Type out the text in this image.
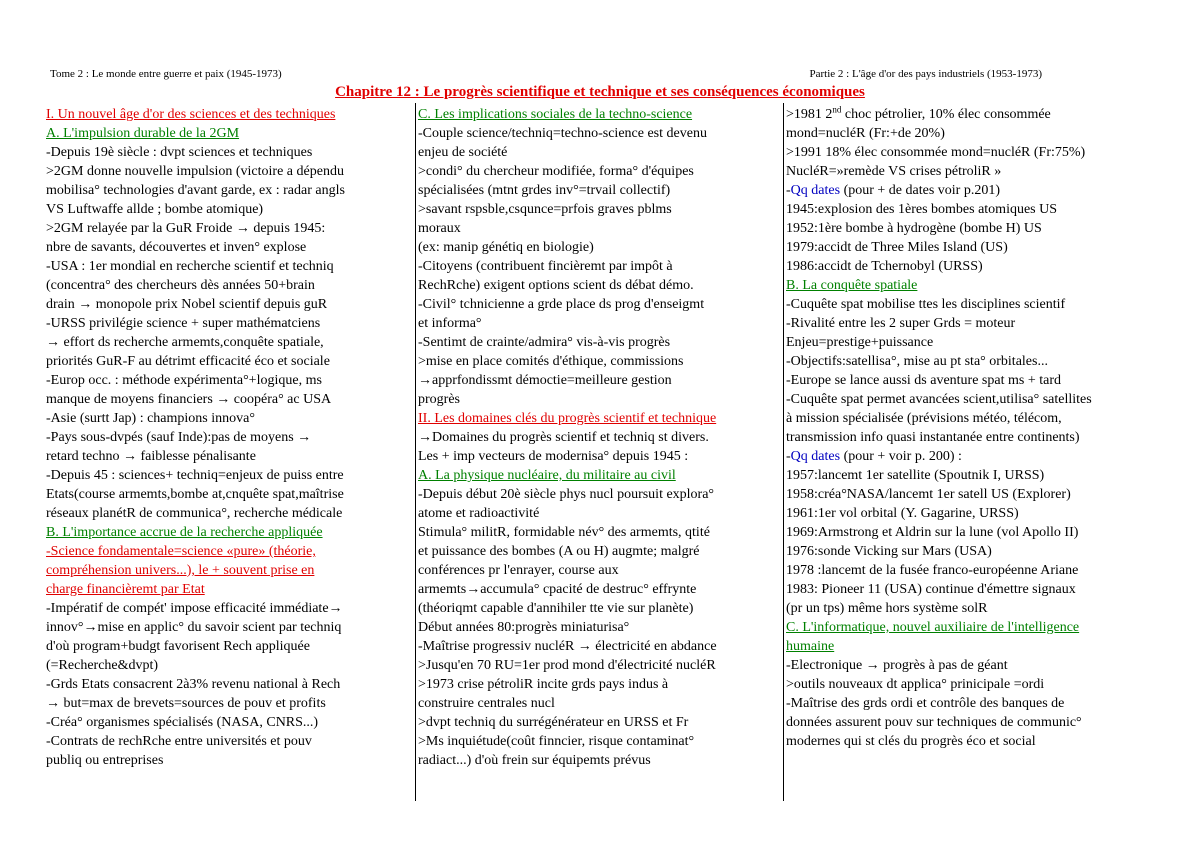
Tome 2 : Le monde entre guerre et paix (1945-1973)	Partie 2 : L'âge d'or des pays industriels (1953-1973)
Chapitre 12 : Le progrès scientifique et technique et ses conséquences économiques
I. Un nouvel âge d'or des sciences et des techniques
A. L'impulsion durable de la 2GM
-Depuis 19è siècle : dvpt sciences et techniques
>2GM donne nouvelle impulsion (victoire a dépendu
mobilisa° technologies d'avant garde, ex : radar angls
VS Luftwaffe allde ; bombe atomique)
>2GM relayée par la GuR Froide → depuis 1945:
nbre de savants, découvertes et inven° explose
-USA : 1er mondial en recherche scientif et techniq
(concentra° des chercheurs dès années 50+brain
drain → monopole prix Nobel scientif depuis guR
-URSS privilégie science + super mathématciens
→ effort ds recherche armemts,conquête spatiale,
priorités GuR-F au détrimt efficacité éco et sociale
-Europ occ. : méthode expérimenta°+logique, ms
manque de moyens financiers → coopéra° ac USA
-Asie (surtt Jap) : champions innova°
-Pays sous-dvpés (sauf Inde):pas de moyens →
retard techno → faiblesse pénalisante
-Depuis 45 : sciences+ techniq=enjeux de puiss entre
Etats(course armemts,bombe at,cnquête spat,maîtrise
réseaux planétR de communica°, recherche médicale
B. L'importance accrue de la recherche appliquée
-Science fondamentale=science «pure» (théorie,
compréhension univers...), le + souvent prise en
charge financièremt par Etat
-Impératif de compét' impose efficacité immédiate→
innov°→mise en applic° du savoir scient par techniq
d'où program+budgt favorisent Rech appliquée
(=Recherche&dvpt)
-Grds Etats consacrent 2à3% revenu national à Rech
→ but=max de brevets=sources de pouv et profits
-Créa° organismes spécialisés (NASA, CNRS...)
-Contrats de rechRche entre universités et pouv
publiq ou entreprises
C. Les implications sociales de la techno-science
-Couple science/techniq=techno-science est devenu
enjeu de société
>condi° du chercheur modifiée, forma° d'équipes
spécialisées (mtnt grdes inv°=trvail collectif)
>savant rspsble,csqunce=prfois graves pblms
moraux
(ex: manip génétiq en biologie)
-Citoyens (contribuent fincièremt par impôt à
RechRche) exigent options scient ds débat démo.
-Civil° tchnicienne a grde place ds prog d'enseigmt
et informa°
-Sentimt de crainte/admira° vis-à-vis progrès
>mise en place comités d'éthique, commissions
→apprfondissmt démoctie=meilleure gestion
progrès
II. Les domaines clés du progrès scientif et technique
→Domaines du progrès scientif et techniq st divers.
Les + imp vecteurs de modernisa° depuis 1945 :
A. La physique nucléaire, du militaire au civil
-Depuis début 20è siècle phys nucl poursuit explora°
atome et radioactivité
Stimula° militR, formidable név° des armemts, qtité
et puissance des bombes (A ou H) augmte; malgré
conférences pr l'enrayer, course aux
armemts→accumula° cpacité de destruc° effrynte
(théoriqmt capable d'annihiler tte vie sur planète)
Début années 80:progrès miniaturisa°
-Maîtrise progressiv nucléR → électricité en abdance
>Jusqu'en 70 RU=1er prod mond d'électricité nucléR
>1973 crise pétroliR incite grds pays indus à
construire centrales nucl
>dvpt techniq du surrégénérateur en URSS et Fr
>Ms inquiétude(coût finncier, risque contaminat°
radiact...) d'où frein sur équipemts prévus
>1981 2nd choc pétrolier, 10% élec consommée
mond=nucléR (Fr:+de 20%)
>1991 18% élec consommée mond=nucléR (Fr:75%)
NucléR=»remède VS crises pétroliR »
-Qq dates (pour + de dates voir p.201)
1945:explosion des 1ères bombes atomiques US
1952:1ère bombe à hydrogène (bombe H) US
1979:accidt de Three Miles Island (US)
1986:accidt de Tchernobyl (URSS)
B. La conquête spatiale
-Cuquête spat mobilise ttes les disciplines scientif
-Rivalité entre les 2 super Grds = moteur
Enjeu=prestige+puissance
-Objectifs:satellisa°, mise au pt sta° orbitales...
-Europe se lance aussi ds aventure spat ms + tard
-Cuquête spat permet avancées scient,utilisa° satellites
à mission spécialisée (prévisions météo, télécom,
transmission info quasi instantanée entre continents)
-Qq dates (pour + voir p. 200) :
1957:lancemt 1er satellite (Spoutnik I, URSS)
1958:créa°NASA/lancemt 1er satell US (Explorer)
1961:1er vol orbital (Y. Gagarine, URSS)
1969:Armstrong et Aldrin sur la lune (vol Apollo II)
1976:sonde Vicking sur Mars (USA)
1978 :lancemt de la fusée franco-européenne Ariane
1983: Pioneer 11 (USA) continue d'émettre signaux
(pr un tps) même hors système solR
C. L'informatique, nouvel auxiliaire de l'intelligence
humaine
-Electronique → progrès à pas de géant
>outils nouveaux dt applica° prinicipale =ordi
-Maîtrise des grds ordi et contrôle des banques de
données assurent pouv sur techniques de communic°
modernes qui st clés du progrès éco et social
